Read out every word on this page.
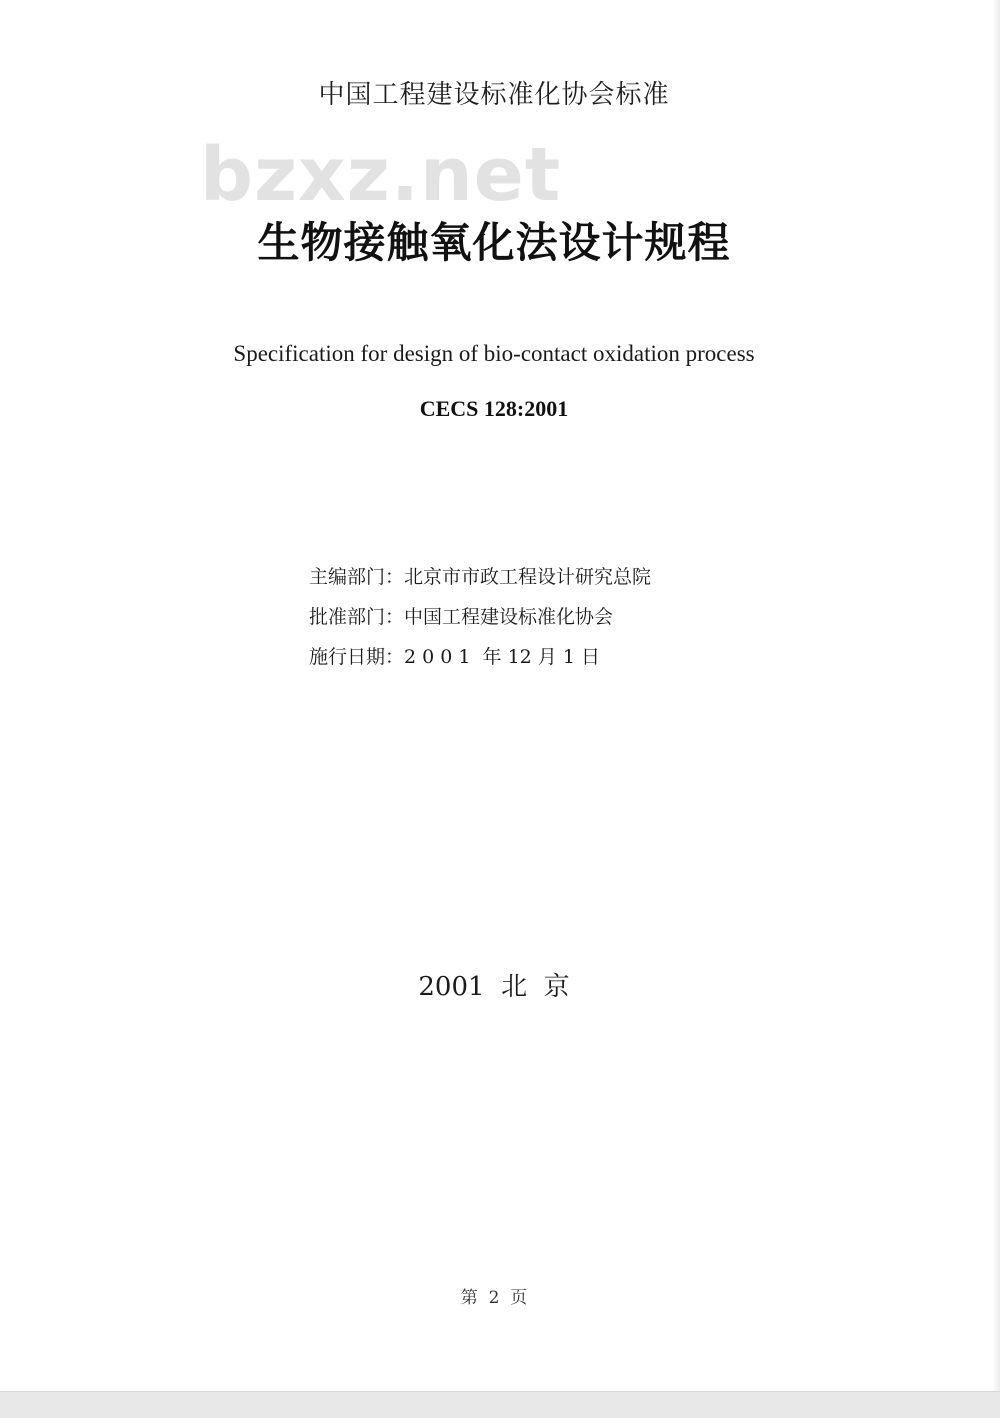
中国工程建设标准化协会标准
bzxz.net
生物接触氧化法设计规程
Specification for design of bio-contact oxidation process
CECS 128:2001
主编部门：北京市市政工程设计研究总院
批准部门：中国工程建设标准化协会
施行日期：2 0 0 1  年 12 月 1 日
2001  北  京
第  2  页
